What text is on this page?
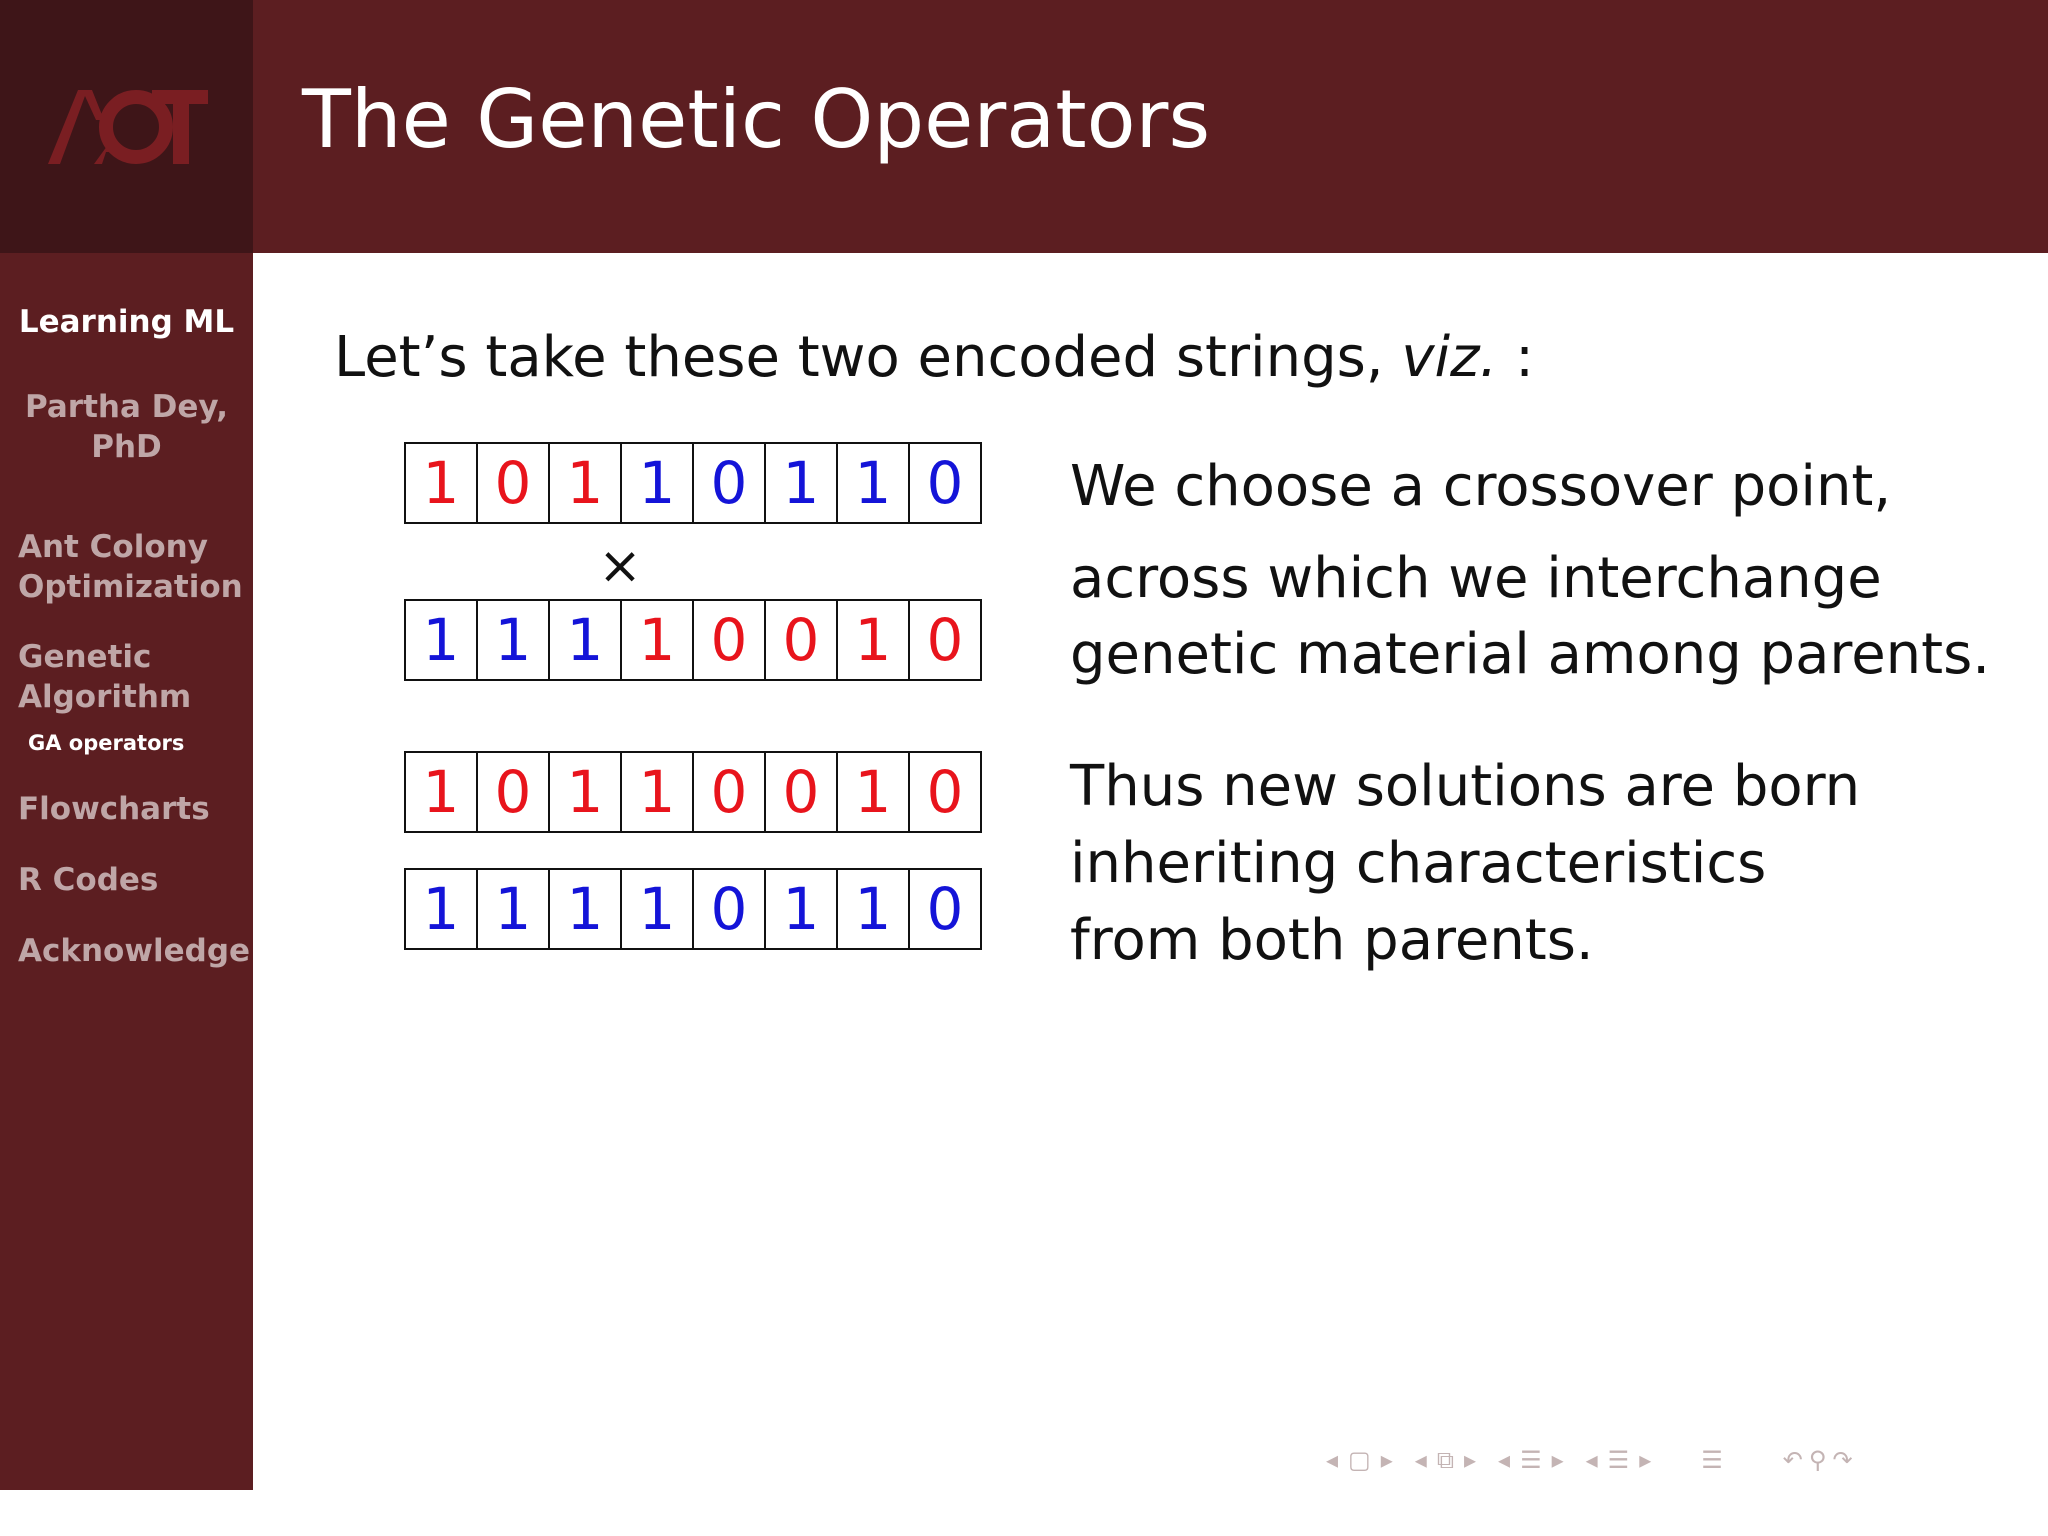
The Genetic Operators
Learning ML
Partha Dey,
PhD
Ant Colony
Optimization
Genetic
Algorithm
GA operators
Flowcharts
R Codes
Acknowledge
Let’s take these two encoded strings, viz. :
1 0 1 1 0 1 1 0
×
1 1 1 1 0 0 1 0
1 0 1 1 0 0 1 0
1 1 1 1 0 1 1 0
We choose a crossover point,
across which we interchange
genetic material among parents.
Thus new solutions are born
inheriting characteristics
from both parents.
◂ ▢ ▸ ◂ ⧉ ▸ ◂ ☰ ▸ ◂ ☰ ▸ ☰	↶ ⚲ ↷
